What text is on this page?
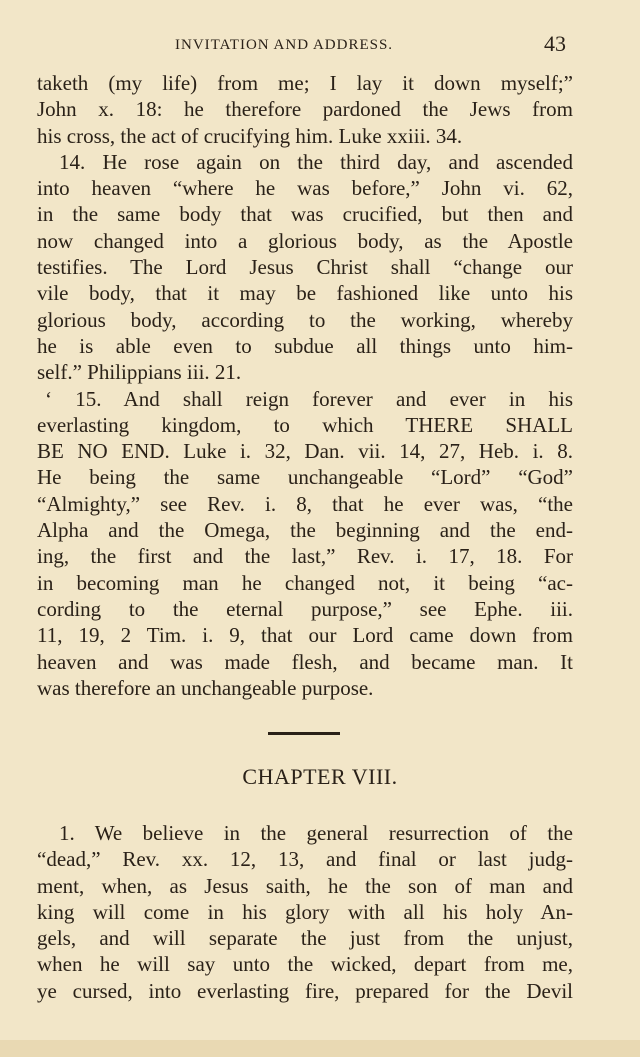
INVITATION AND ADDRESS.	43
taketh (my life) from me; I lay it down myself;”
John x. 18: he therefore pardoned the Jews from
his cross, the act of crucifying him. Luke xxiii. 34.
14. He rose again on the third day, and ascended
into heaven “where he was before,” John vi. 62,
in the same body that was crucified, but then and
now changed into a glorious body, as the Apostle
testifies. The Lord Jesus Christ shall “change our
vile body, that it may be fashioned like unto his
glorious body, according to the working, whereby
he is able even to subdue all things unto him-
self.” Philippians iii. 21.
ʻ 15. And shall reign forever and ever in his
everlasting kingdom, to which THERE SHALL
BE NO END. Luke i. 32, Dan. vii. 14, 27, Heb. i. 8.
He being the same unchangeable “Lord” “God”
“Almighty,” see Rev. i. 8, that he ever was, “the
Alpha and the Omega, the beginning and the end-
ing, the first and the last,” Rev. i. 17, 18. For
in becoming man he changed not, it being “ac-
cording to the eternal purpose,” see Ephe. iii.
11, 19, 2 Tim. i. 9, that our Lord came down from
heaven and was made flesh, and became man. It
was therefore an unchangeable purpose.
CHAPTER VIII.
1. We believe in the general resurrection of the
“dead,” Rev. xx. 12, 13, and final or last judg-
ment, when, as Jesus saith, he the son of man and
king will come in his glory with all his holy An-
gels, and will separate the just from the unjust,
when he will say unto the wicked, depart from me,
ye cursed, into everlasting fire, prepared for the Devil
